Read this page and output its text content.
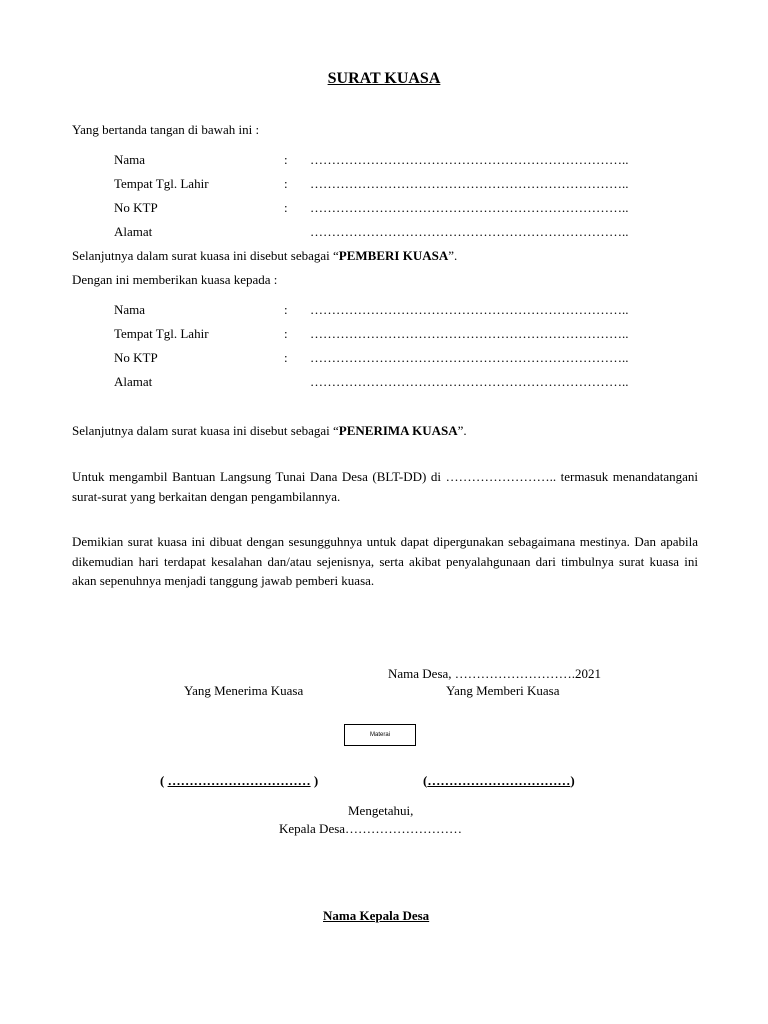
SURAT KUASA
Yang bertanda tangan di bawah ini :
Nama	: ………………………………………………………………..
Tempat Tgl. Lahir	: ………………………………………………………………..
No KTP	: ………………………………………………………………..
Alamat	………………………………………………………………..
Selanjutnya dalam surat kuasa ini disebut sebagai “PEMBERI KUASA”.
Dengan ini memberikan kuasa kepada :
Nama	: ………………………………………………………………..
Tempat Tgl. Lahir	: ………………………………………………………………..
No KTP	: ………………………………………………………………..
Alamat	………………………………………………………………..
Selanjutnya dalam surat kuasa ini disebut sebagai “PENERIMA KUASA”.
Untuk mengambil Bantuan Langsung Tunai Dana Desa (BLT-DD) di …………………….. termasuk menandatangani surat-surat yang berkaitan dengan pengambilannya.
Demikian surat kuasa ini dibuat dengan sesungguhnya untuk dapat dipergunakan sebagaimana mestinya. Dan apabila dikemudian hari terdapat kesalahan dan/atau sejenisnya, serta akibat penyalahgunaan dari timbulnya surat kuasa ini akan sepenuhnya menjadi tanggung jawab pemberi kuasa.
Nama Desa, ……………………….2021
Yang Menerima Kuasa	Yang Memberi Kuasa
Materai
( …………………………… )	(……………………………)
Mengetahui,
Kepala Desa………………………
Nama Kepala Desa
